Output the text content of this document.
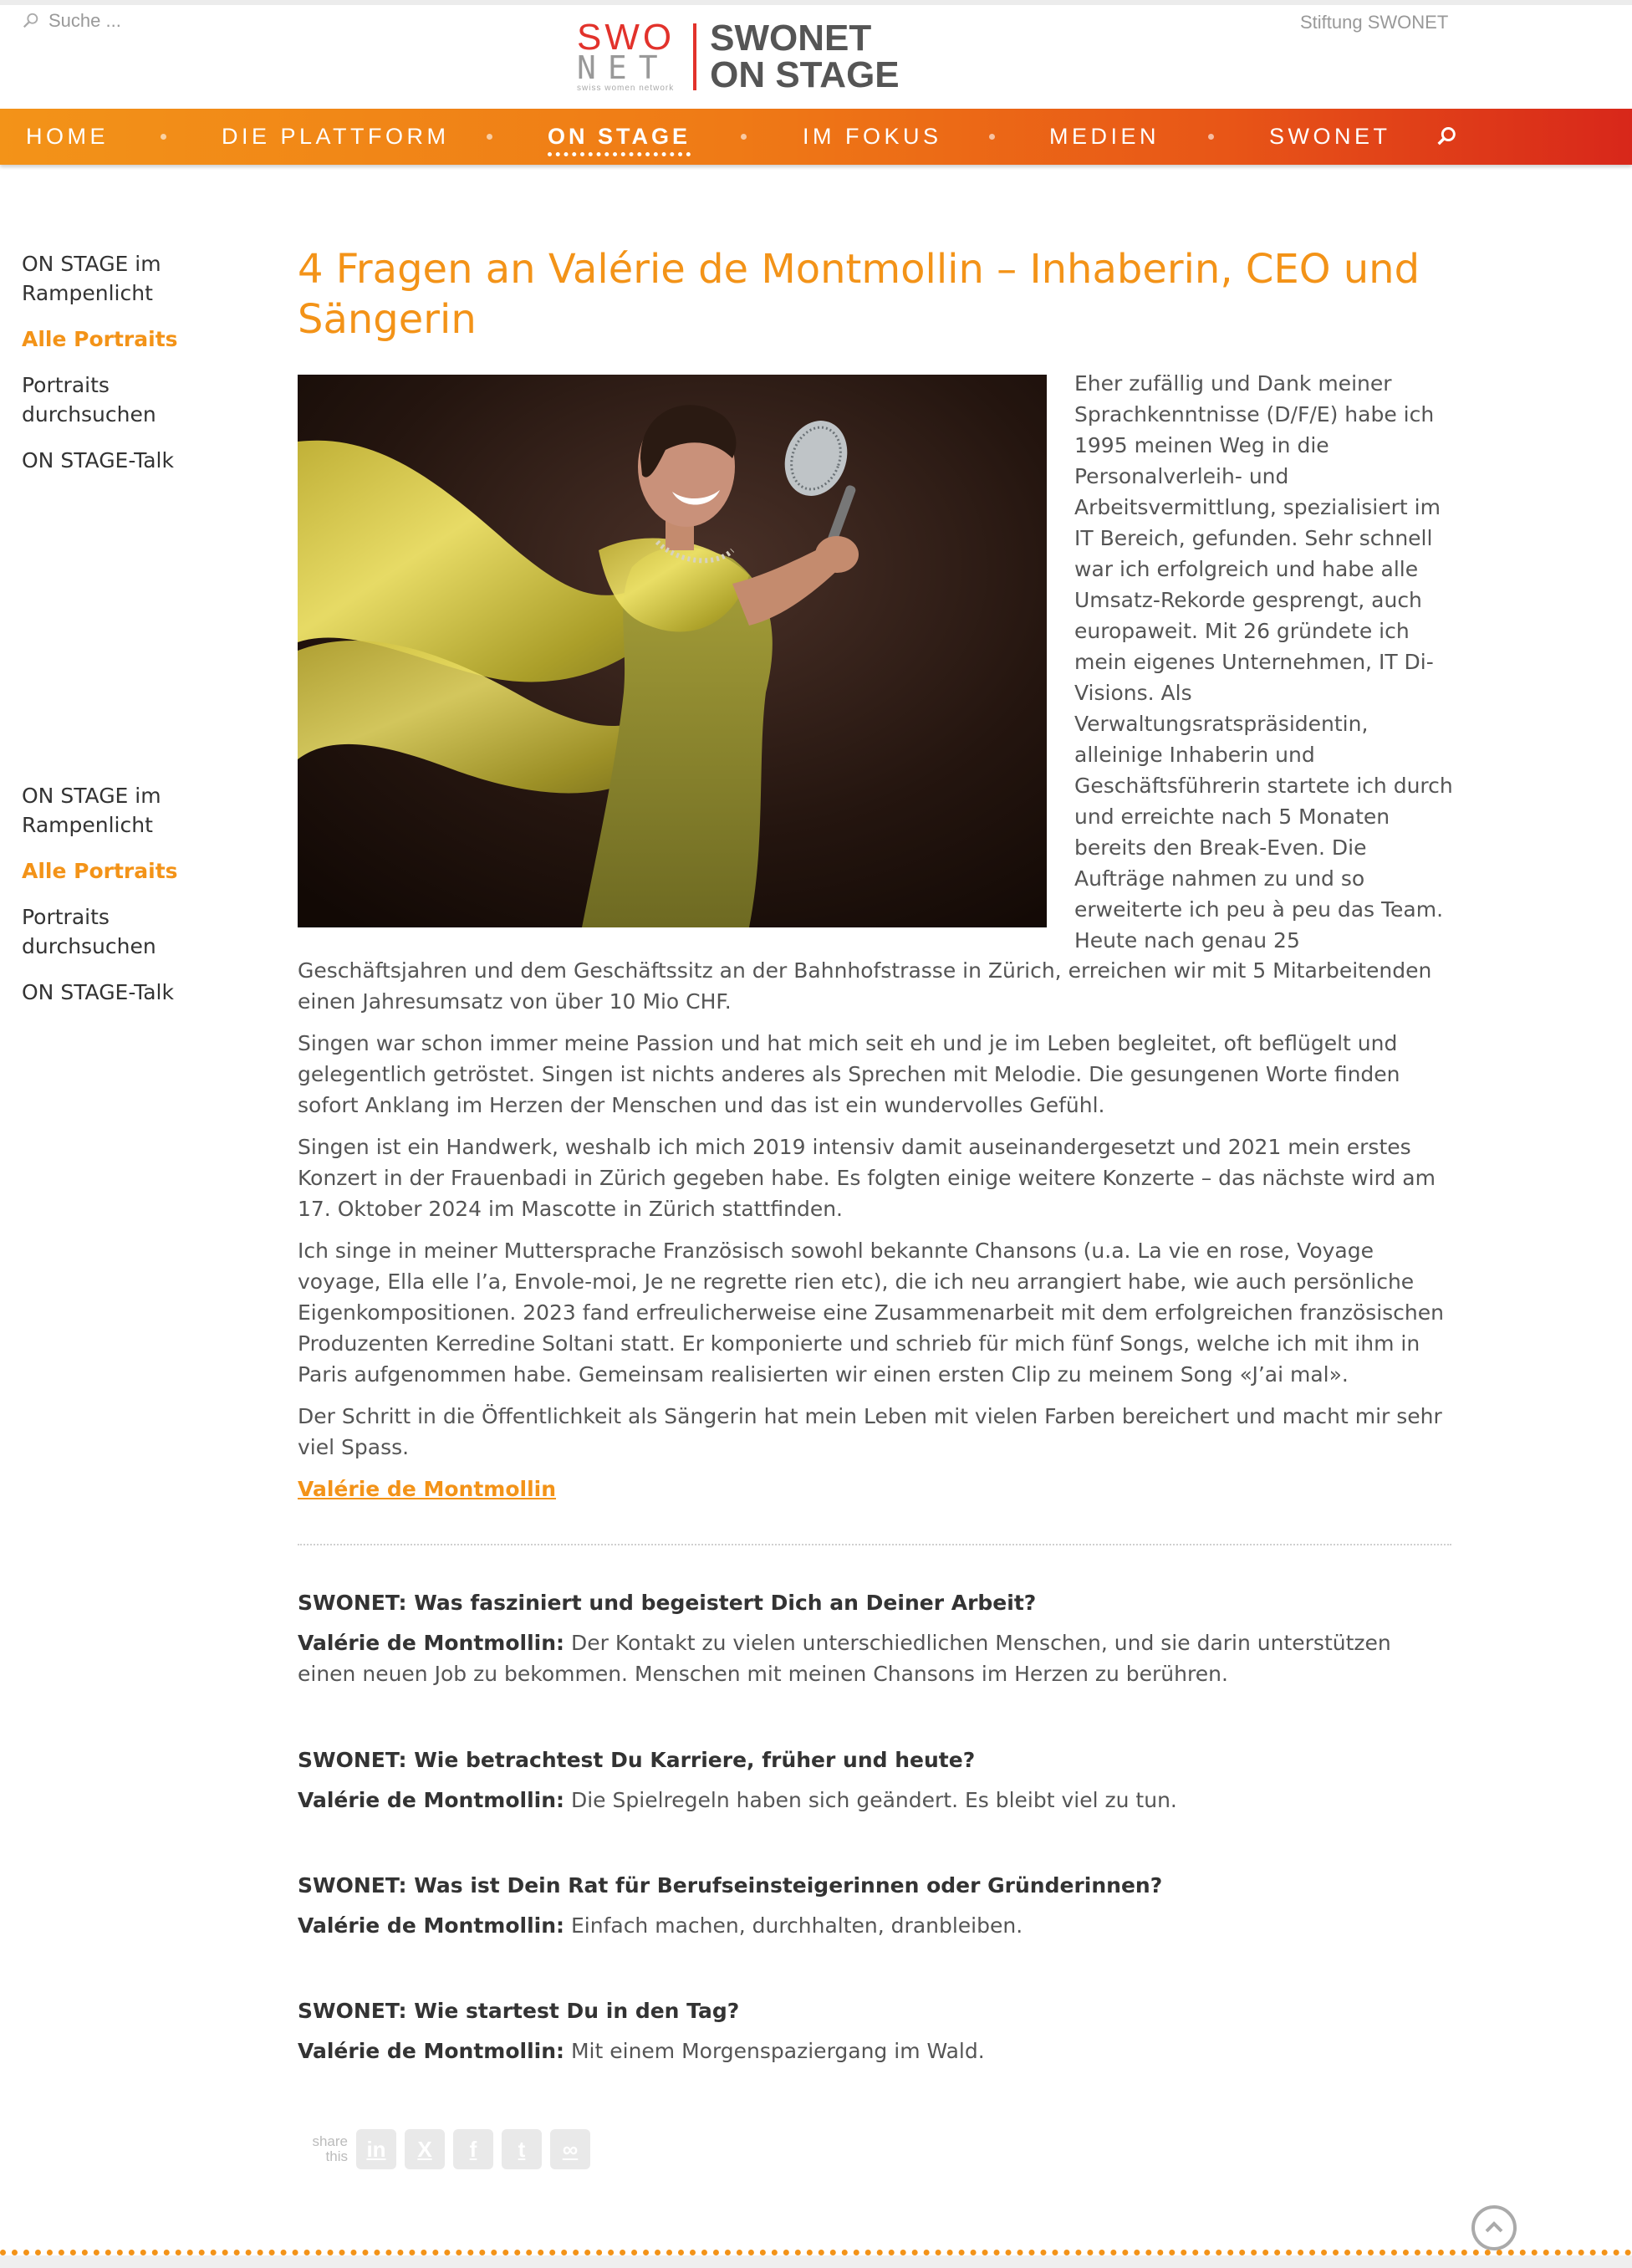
Suche ...
Stiftung SWONET
SWO
NET
swiss women network
SWONET
ON STAGE
HOME	DIE PLATTFORM	ON STAGE	IM FOKUS	MEDIEN	SWONET
ON STAGE im Rampenlicht
Alle Portraits
Portraits durchsuchen
ON STAGE-Talk
ON STAGE im Rampenlicht
Alle Portraits
Portraits durchsuchen
ON STAGE-Talk
4 Fragen an Valérie de Montmollin – Inhaberin, CEO und Sängerin
Eher zufällig und Dank meiner Sprachkenntnisse (D/F/E) habe ich 1995 meinen Weg in die Personalverleih- und Arbeitsvermittlung, spezialisiert im IT Bereich, gefunden. Sehr schnell war ich erfolgreich und habe alle Umsatz-Rekorde gesprengt, auch europaweit. Mit 26 gründete ich mein eigenes Unternehmen, IT Di-Visions. Als Verwaltungsratspräsidentin, alleinige Inhaberin und Geschäftsführerin startete ich durch und erreichte nach 5 Monaten bereits den Break-Even. Die Aufträge nahmen zu und so erweiterte ich peu à peu das Team. Heute nach genau 25

Geschäftsjahren und dem Geschäftssitz an der Bahnhofstrasse in Zürich, erreichen wir mit 5 Mitarbeitenden einen Jahresumsatz von über 10 Mio CHF.

Singen war schon immer meine Passion und hat mich seit eh und je im Leben begleitet, oft beflügelt und gelegentlich getröstet. Singen ist nichts anderes als Sprechen mit Melodie. Die gesungenen Worte finden sofort Anklang im Herzen der Menschen und das ist ein wundervolles Gefühl.

Singen ist ein Handwerk, weshalb ich mich 2019 intensiv damit auseinandergesetzt und 2021 mein erstes Konzert in der Frauenbadi in Zürich gegeben habe. Es folgten einige weitere Konzerte – das nächste wird am 17. Oktober 2024 im Mascotte in Zürich stattfinden.

Ich singe in meiner Muttersprache Französisch sowohl bekannte Chansons (u.a. La vie en rose, Voyage voyage, Ella elle l’a, Envole-moi, Je ne regrette rien etc), die ich neu arrangiert habe, wie auch persönliche Eigenkompositionen. 2023 fand erfreulicherweise eine Zusammenarbeit mit dem erfolgreichen französischen Produzenten Kerredine Soltani statt. Er komponierte und schrieb für mich fünf Songs, welche ich mit ihm in Paris aufgenommen habe. Gemeinsam realisierten wir einen ersten Clip zu meinem Song «J’ai mal».

Der Schritt in die Öffentlichkeit als Sängerin hat mein Leben mit vielen Farben bereichert und macht mir sehr viel Spass.

Valérie de Montmollin

SWONET: Was fasziniert und begeistert Dich an Deiner Arbeit?
Valérie de Montmollin: Der Kontakt zu vielen unterschiedlichen Menschen, und sie darin unterstützen einen neuen Job zu bekommen. Menschen mit meinen Chansons im Herzen zu berühren.
SWONET: Wie betrachtest Du Karriere, früher und heute?
Valérie de Montmollin: Die Spielregeln haben sich geändert. Es bleibt viel zu tun.
SWONET: Was ist Dein Rat für Berufseinsteigerinnen oder Gründerinnen?
Valérie de Montmollin: Einfach machen, durchhalten, dranbleiben.
SWONET: Wie startest Du in den Tag?
Valérie de Montmollin: Mit einem Morgenspaziergang im Wald.
share
this in	X	f	t	∞
